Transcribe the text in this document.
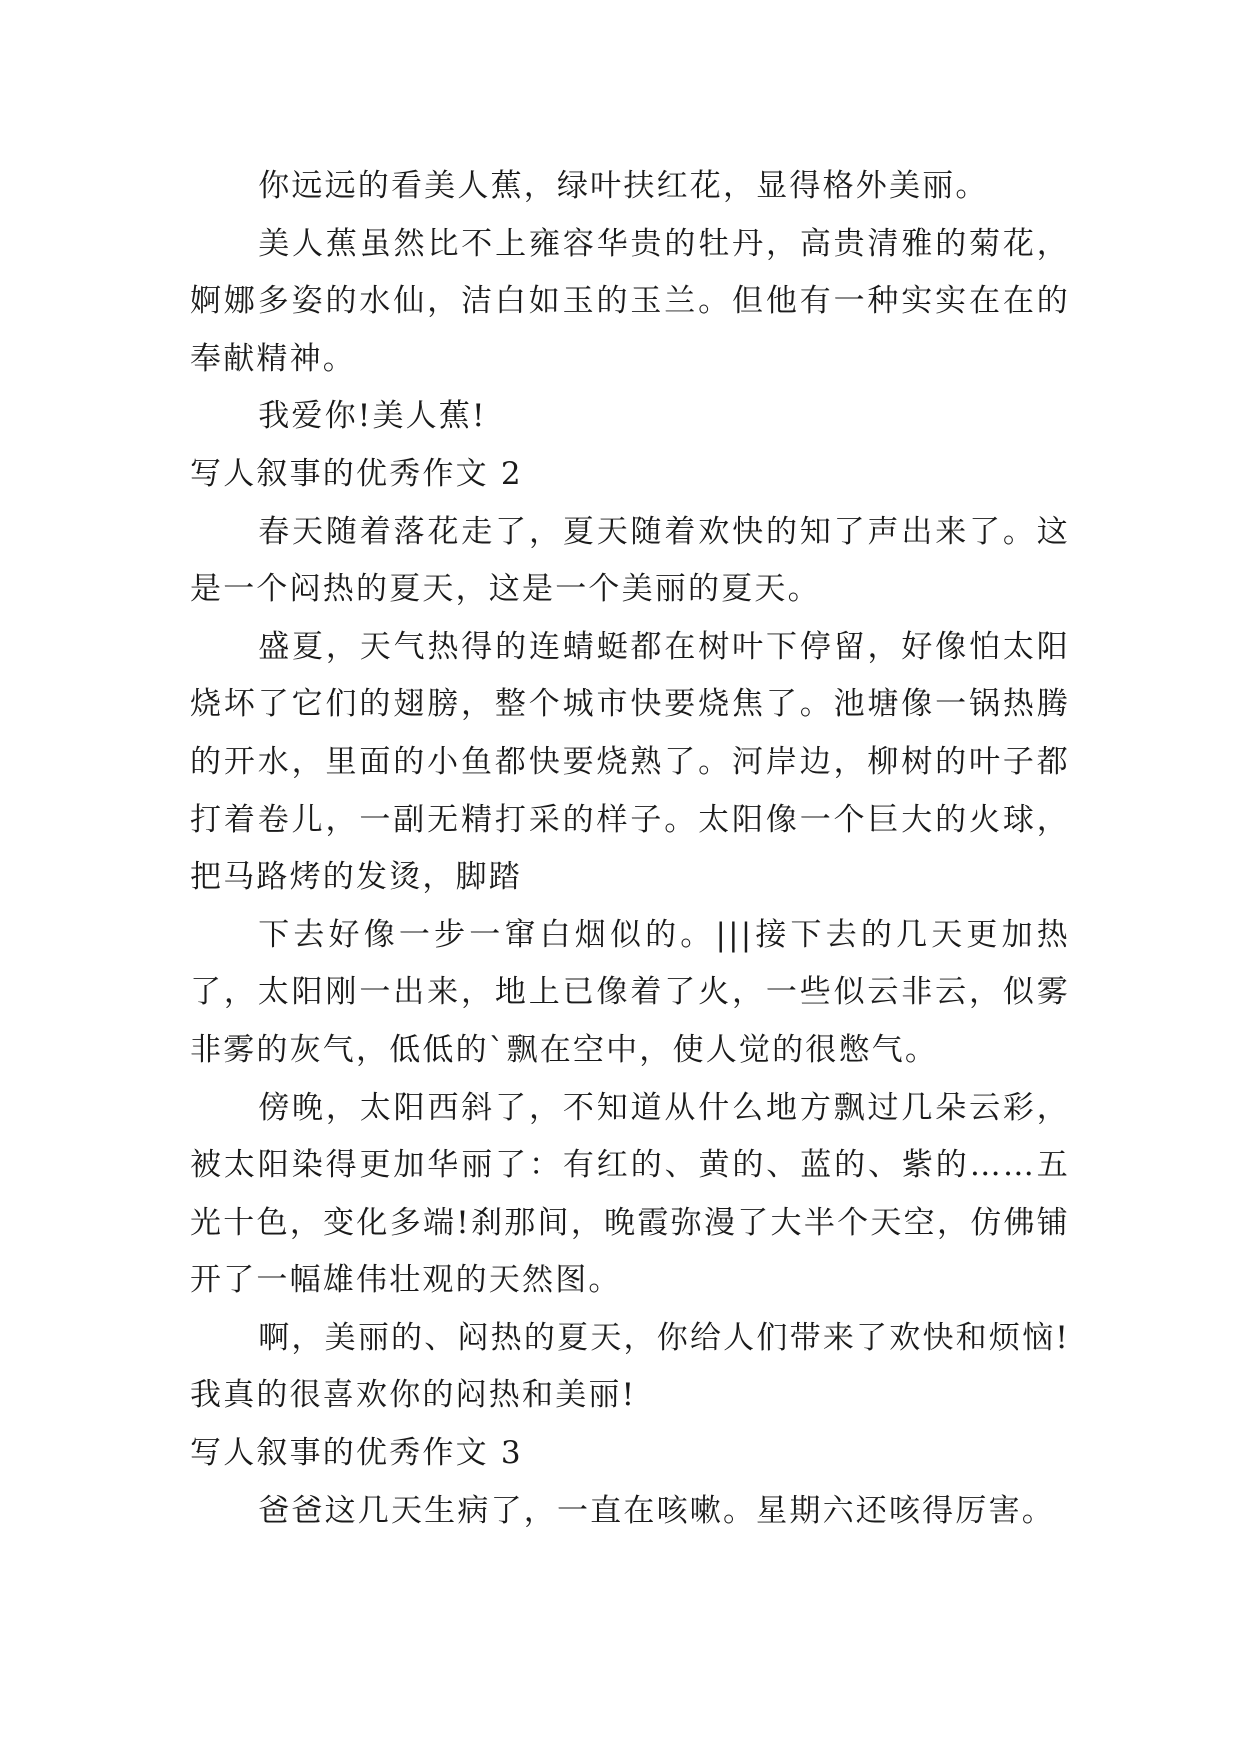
你远远的看美人蕉，绿叶扶红花，显得格外美丽。

美人蕉虽然比不上雍容华贵的牡丹，高贵清雅的菊花，婀娜多姿的水仙，洁白如玉的玉兰。但他有一种实实在在的奉献精神。

我爱你!美人蕉!

写人叙事的优秀作文 2

春天随着落花走了，夏天随着欢快的知了声出来了。这是一个闷热的夏天，这是一个美丽的夏天。

盛夏，天气热得的连蜻蜓都在树叶下停留，好像怕太阳烧坏了它们的翅膀，整个城市快要烧焦了。池塘像一锅热腾的开水，里面的小鱼都快要烧熟了。河岸边，柳树的叶子都打着卷儿，一副无精打采的样子。太阳像一个巨大的火球，把马路烤的发烫，脚踏

下去好像一步一窜白烟似的。|||接下去的几天更加热了，太阳刚一出来，地上已像着了火，一些似云非云，似雾非雾的灰气，低低的`飘在空中，使人觉的很憋气。

傍晚，太阳西斜了，不知道从什么地方飘过几朵云彩，被太阳染得更加华丽了：有红的、黄的、蓝的、紫的……五光十色，变化多端!刹那间，晚霞弥漫了大半个天空，仿佛铺开了一幅雄伟壮观的天然图。

啊，美丽的、闷热的夏天，你给人们带来了欢快和烦恼!我真的很喜欢你的闷热和美丽!

写人叙事的优秀作文 3

爸爸这几天生病了，一直在咳嗽。星期六还咳得厉害。
